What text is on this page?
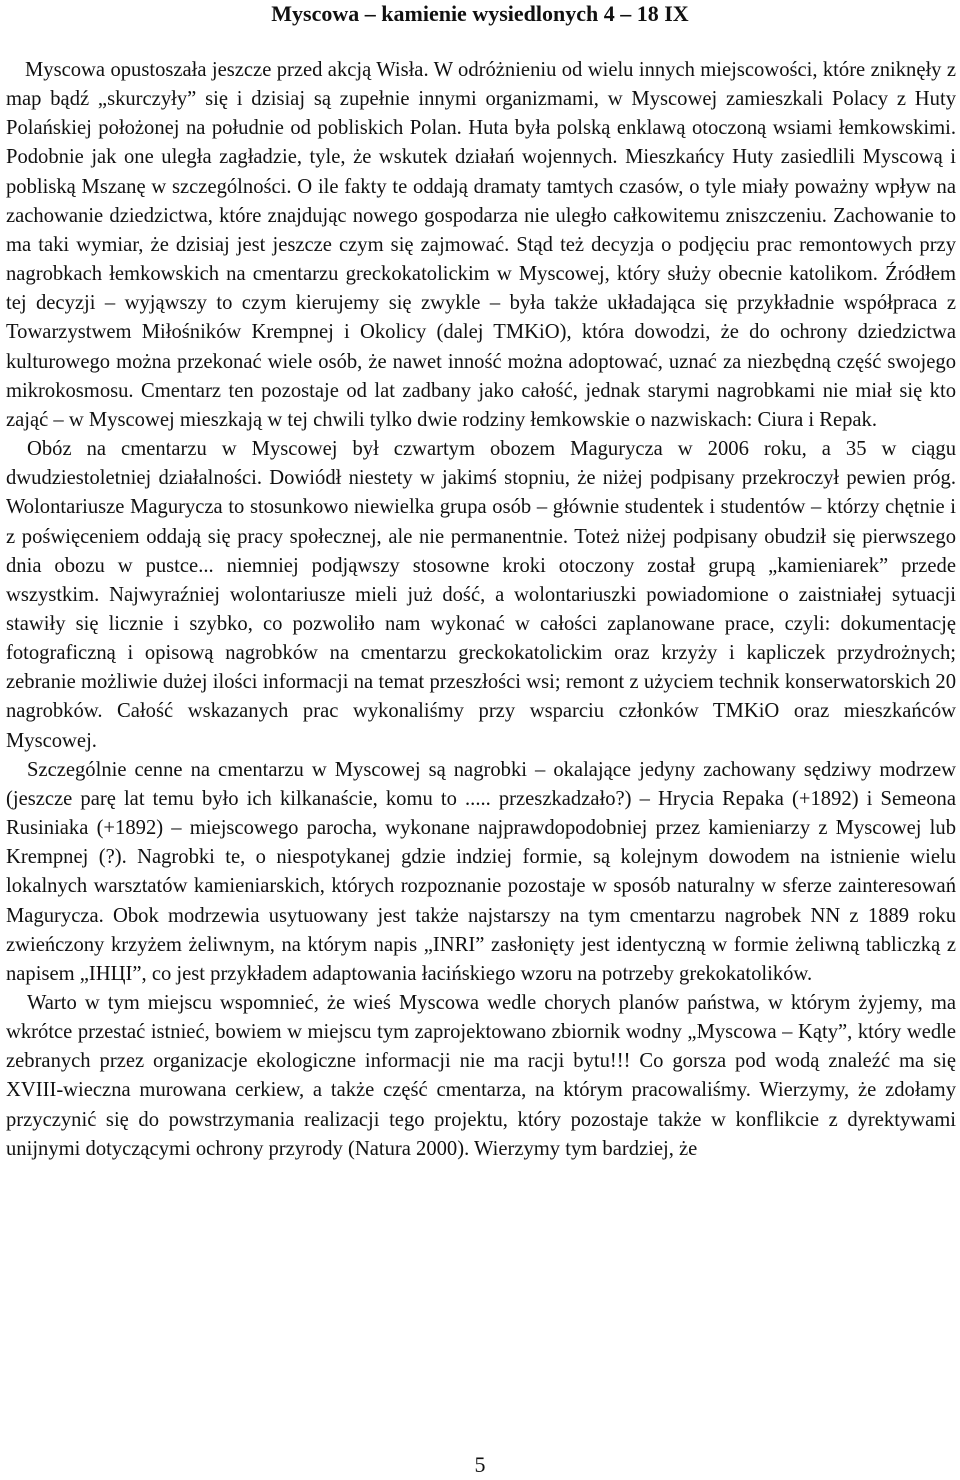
Myscowa – kamienie wysiedlonych 4 – 18 IX

Myscowa opustoszała jeszcze przed akcją Wisła. W odróżnieniu od wielu innych miejscowości, które zniknęły z map bądź „skurczyły” się i dzisiaj są zupełnie innymi organizmami, w Myscowej zamieszkali Polacy z Huty Polańskiej położonej na południe od pobliskich Polan. Huta była polską enklawą otoczoną wsiami łemkowskimi. Podobnie jak one uległa zagładzie, tyle, że wskutek działań wojennych. Mieszkańcy Huty zasiedlili Myscową i pobliską Mszanę w szczególności. O ile fakty te oddają dramaty tamtych czasów, o tyle miały poważny wpływ na zachowanie dziedzictwa, które znajdując nowego gospodarza nie uległo całkowitemu zniszczeniu. Zachowanie to ma taki wymiar, że dzisiaj jest jeszcze czym się zajmować. Stąd też decyzja o podjęciu prac remontowych przy nagrobkach łemkowskich na cmentarzu greckokatolickim w Myscowej, który służy obecnie katolikom. Źródłem tej decyzji – wyjąwszy to czym kierujemy się zwykle – była także układająca się przykładnie współpraca z Towarzystwem Miłośników Krempnej i Okolicy (dalej TMKiO), która dowodzi, że do ochrony dziedzictwa kulturowego można przekonać wiele osób, że nawet inność można adoptować, uznać za niezbędną część swojego mikrokosmosu. Cmentarz ten pozostaje od lat zadbany jako całość, jednak starymi nagrobkami nie miał się kto zająć – w Myscowej mieszkają w tej chwili tylko dwie rodziny łemkowskie o nazwiskach: Ciura i Repak.

Obóz na cmentarzu w Myscowej był czwartym obozem Magurycza w 2006 roku, a 35 w ciągu dwudziestoletniej działalności. Dowiódł niestety w jakimś stopniu, że niżej podpisany przekroczył pewien próg. Wolontariusze Magurycza to stosunkowo niewielka grupa osób – głównie studentek i studentów – którzy chętnie i z poświęceniem oddają się pracy społecznej, ale nie permanentnie. Toteż niżej podpisany obudził się pierwszego dnia obozu w pustce... niemniej podjąwszy stosowne kroki otoczony został grupą „kamieniarek” przede wszystkim. Najwyraźniej wolontariusze mieli już dość, a wolontariuszki powiadomione o zaistniałej sytuacji stawiły się licznie i szybko, co pozwoliło nam wykonać w całości zaplanowane prace, czyli: dokumentację fotograficzną i opisową nagrobków na cmentarzu greckokatolickim oraz krzyży i kapliczek przydrożnych; zebranie możliwie dużej ilości informacji na temat przeszłości wsi; remont z użyciem technik konserwatorskich 20 nagrobków. Całość wskazanych prac wykonaliśmy przy wsparciu członków TMKiO oraz mieszkańców Myscowej.

Szczególnie cenne na cmentarzu w Myscowej są nagrobki – okalające jedyny zachowany sędziwy modrzew (jeszcze parę lat temu było ich kilkanaście, komu to ..... przeszkadzało?) – Hrycia Repaka (+1892) i Semeona Rusiniaka (+1892) – miejscowego parocha, wykonane najprawdopodobniej przez kamieniarzy z Myscowej lub Krempnej (?). Nagrobki te, o niespotykanej gdzie indziej formie, są kolejnym dowodem na istnienie wielu lokalnych warsztatów kamieniarskich, których rozpoznanie pozostaje w sposób naturalny w sferze zainteresowań Magurycza. Obok modrzewia usytuowany jest także najstarszy na tym cmentarzu nagrobek NN z 1889 roku zwieńczony krzyżem żeliwnym, na którym napis „INRI” zasłonięty jest identyczną w formie żeliwną tabliczką z napisem „ІНЦІ”, co jest przykładem adaptowania łacińskiego wzoru na potrzeby grekokatolików.

Warto w tym miejscu wspomnieć, że wieś Myscowa wedle chorych planów państwa, w którym żyjemy, ma wkrótce przestać istnieć, bowiem w miejscu tym zaprojektowano zbiornik wodny „Myscowa – Kąty”, który wedle zebranych przez organizacje ekologiczne informacji nie ma racji bytu!!! Co gorsza pod wodą znaleźć ma się XVIII-wieczna murowana cerkiew, a także część cmentarza, na którym pracowaliśmy. Wierzymy, że zdołamy przyczynić się do powstrzymania realizacji tego projektu, który pozostaje także w konflikcie z dyrektywami unijnymi dotyczącymi ochrony przyrody (Natura 2000). Wierzymy tym bardziej, że

5
